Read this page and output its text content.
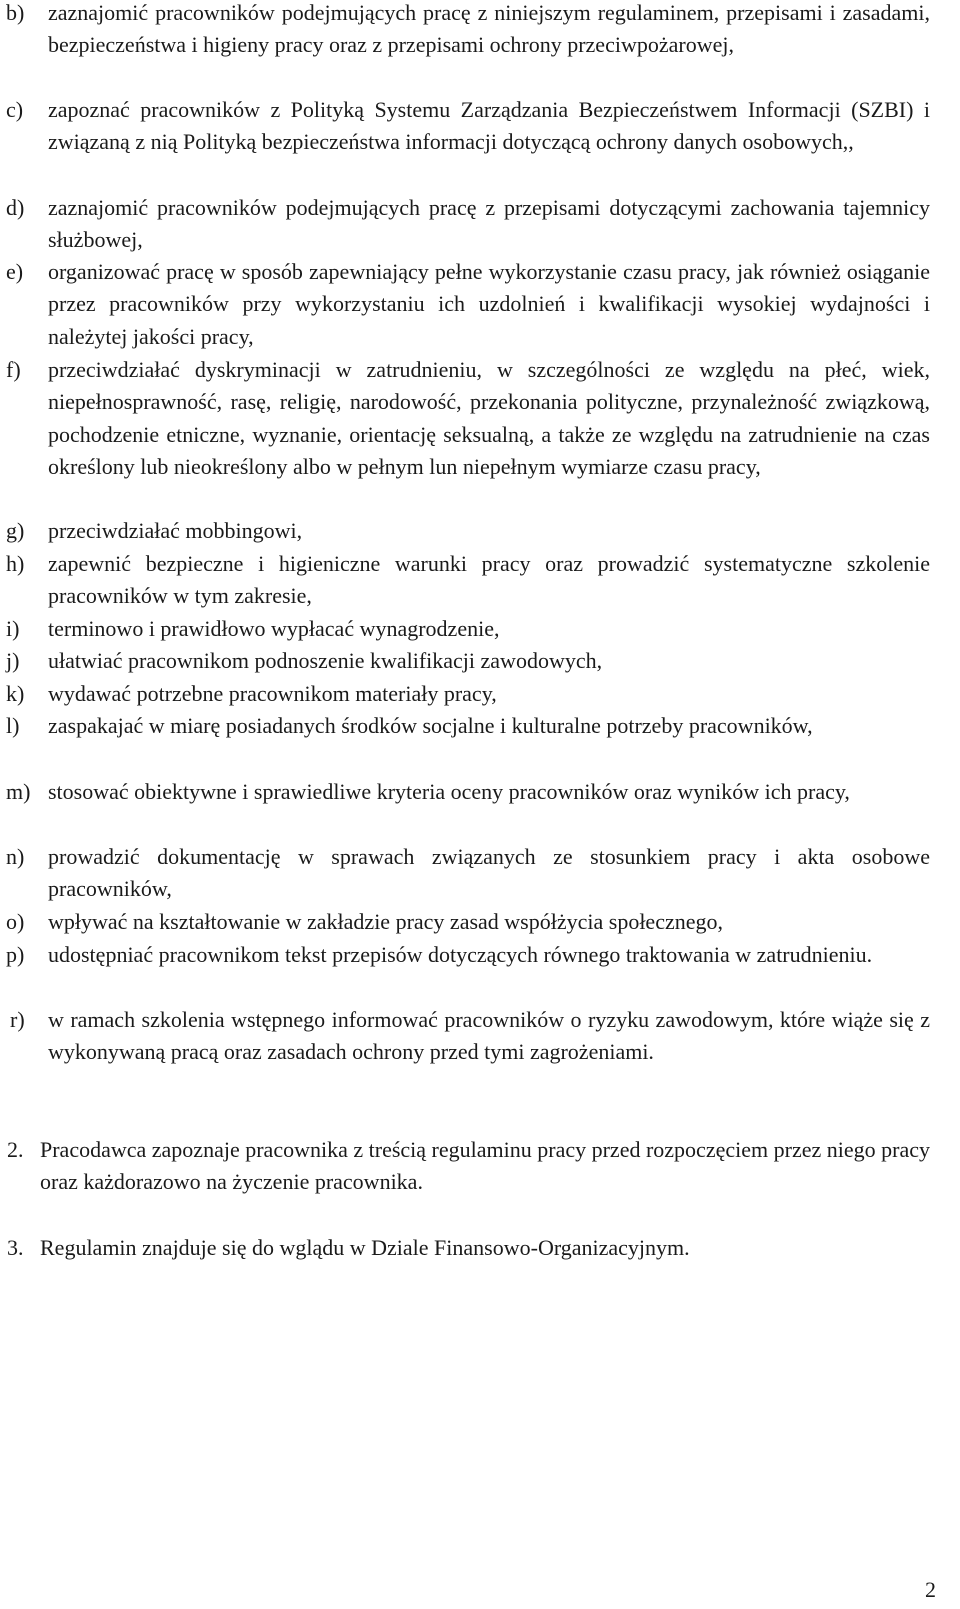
b) zaznajomić pracowników podejmujących pracę z niniejszym regulaminem, przepisami i zasadami, bezpieczeństwa i higieny pracy oraz z przepisami ochrony przeciwpożarowej,
c) zapoznać pracowników z Polityką Systemu Zarządzania Bezpieczeństwem Informacji (SZBI) i związaną z nią Polityką bezpieczeństwa informacji dotyczącą ochrony danych osobowych,,
d) zaznajomić pracowników podejmujących pracę z przepisami dotyczącymi zachowania tajemnicy służbowej,
e) organizować pracę w sposób zapewniający pełne wykorzystanie czasu pracy, jak również osiąganie przez pracowników przy wykorzystaniu ich uzdolnień i kwalifikacji wysokiej wydajności i należytej jakości pracy,
f) przeciwdziałać dyskryminacji w zatrudnieniu, w szczególności ze względu na płeć, wiek, niepełnosprawność, rasę, religię, narodowość, przekonania polityczne, przynależność związkową, pochodzenie etniczne, wyznanie, orientację seksualną, a także ze względu na zatrudnienie na czas określony lub nieokreślony albo w pełnym lun niepełnym wymiarze czasu pracy,
g) przeciwdziałać mobbingowi,
h) zapewnić bezpieczne i higieniczne warunki pracy oraz prowadzić systematyczne szkolenie pracowników w tym zakresie,
i) terminowo i prawidłowo wypłacać wynagrodzenie,
j) ułatwiać pracownikom podnoszenie kwalifikacji zawodowych,
k) wydawać potrzebne pracownikom materiały pracy,
l) zaspakajać w miarę posiadanych środków socjalne i kulturalne potrzeby pracowników,
m) stosować obiektywne i sprawiedliwe kryteria oceny pracowników oraz wyników ich pracy,
n) prowadzić dokumentację w sprawach związanych ze stosunkiem pracy i akta osobowe pracowników,
o) wpływać na kształtowanie w zakładzie pracy zasad współżycia społecznego,
p) udostępniać pracownikom tekst przepisów dotyczących równego traktowania w zatrudnieniu.
r) w ramach szkolenia wstępnego informować pracowników o ryzyku zawodowym, które wiąże się z wykonywaną pracą oraz zasadach ochrony przed tymi zagrożeniami.
2. Pracodawca zapoznaje pracownika z treścią regulaminu pracy przed rozpoczęciem przez niego pracy oraz każdorazowo na życzenie pracownika.
3. Regulamin znajduje się do wglądu w Dziale Finansowo-Organizacyjnym.
2
